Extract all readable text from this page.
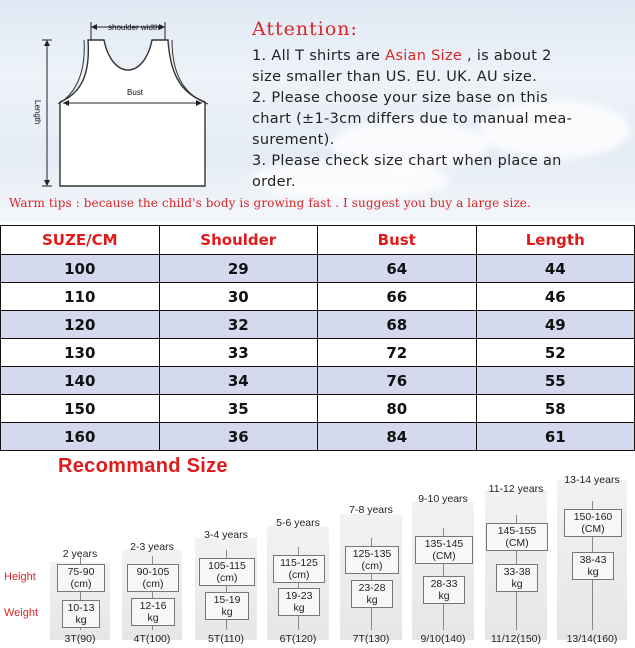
shoulder width
Bust
Length
Attention:
1. All T shirts are Asian Size , is about 2
size smaller than US. EU. UK. AU size.
2. Please choose your size base on this
chart (±1-3cm differs due to manual mea-
surement).
3. Please check size chart when place an
order.
Warm tips : because the child's body is growing fast . I suggest you buy a large size.
SUZE/CM	Shoulder	Bust	Length
100	29	64	44
110	30	66	46
120	32	68	49
130	33	72	52
140	34	76	55
150	35	80	58
160	36	84	61
Recommand Size
Height
Weight
2 years
75-90
(cm)
10-13
kg
3T(90)
2-3 years
90-105
(cm)
12-16
kg
4T(100)
3-4 years
105-115
(cm)
15-19
kg
5T(110)
5-6 years
115-125
(cm)
19-23
kg
6T(120)
7-8 years
125-135
(cm)
23-28
kg
7T(130)
9-10 years
135-145
(CM)
28-33
kg
9/10(140)
11-12 years
145-155
(CM)
33-38
kg
11/12(150)
13-14 years
150-160
(CM)
38-43
kg
13/14(160)
